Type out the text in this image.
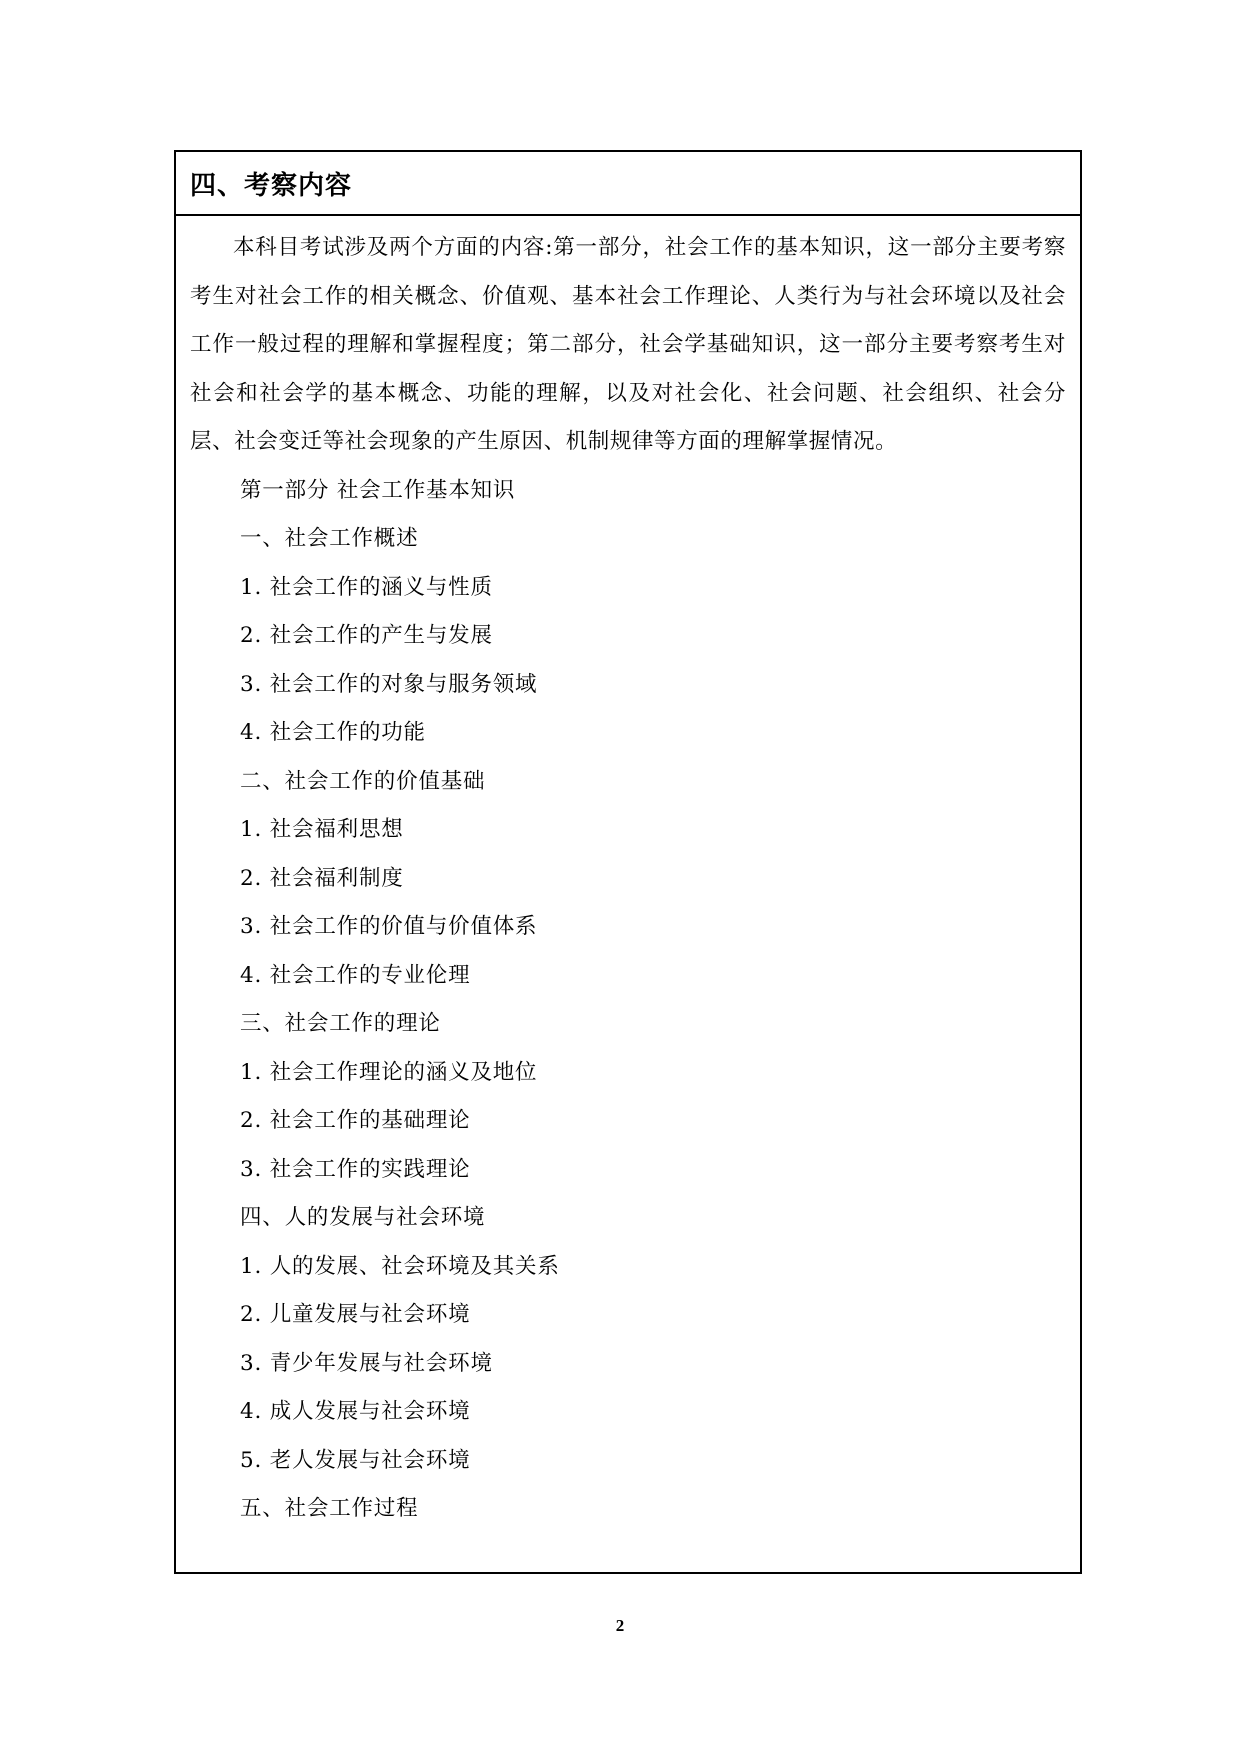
四、考察内容

本科目考试涉及两个方面的内容:第一部分，社会工作的基本知识，这一部分主要考察考生对社会工作的相关概念、价值观、基本社会工作理论、人类行为与社会环境以及社会工作一般过程的理解和掌握程度；第二部分，社会学基础知识，这一部分主要考察考生对社会和社会学的基本概念、功能的理解，以及对社会化、社会问题、社会组织、社会分层、社会变迁等社会现象的产生原因、机制规律等方面的理解掌握情况。

第一部分 社会工作基本知识
一、社会工作概述
1. 社会工作的涵义与性质
2. 社会工作的产生与发展
3. 社会工作的对象与服务领域
4. 社会工作的功能
二、社会工作的价值基础
1. 社会福利思想
2. 社会福利制度
3. 社会工作的价值与价值体系
4. 社会工作的专业伦理
三、社会工作的理论
1. 社会工作理论的涵义及地位
2. 社会工作的基础理论
3. 社会工作的实践理论
四、人的发展与社会环境
1. 人的发展、社会环境及其关系
2. 儿童发展与社会环境
3. 青少年发展与社会环境
4. 成人发展与社会环境
5. 老人发展与社会环境
五、社会工作过程
2
